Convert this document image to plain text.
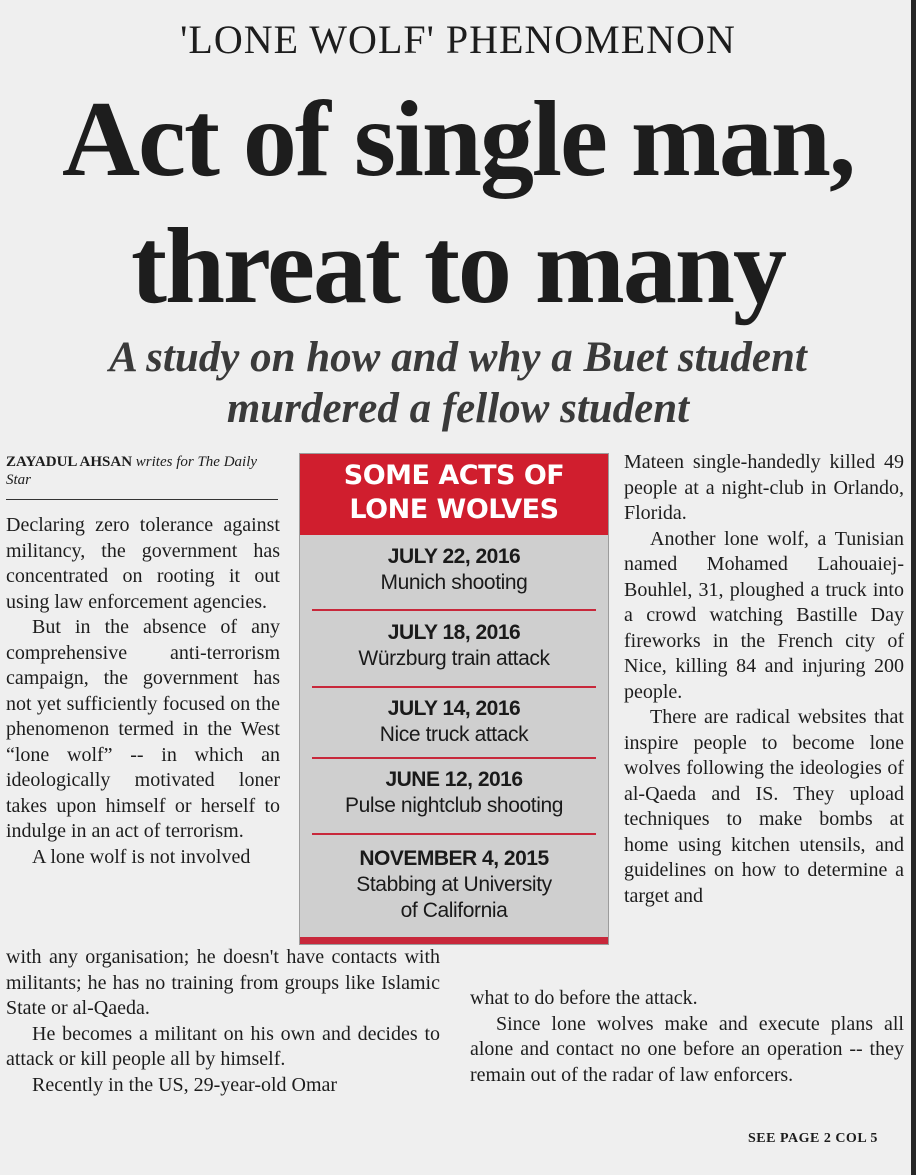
'LONE WOLF' PHENOMENON
Act of single man,
threat to many
A study on how and why a Buet student
murdered a fellow student
ZAYADUL AHSAN writes for The Daily Star

Declaring zero tolerance against militancy, the government has concentrated on rooting it out using law enforcement agencies.

But in the absence of any comprehensive anti-terrorism campaign, the government has not yet sufficiently focused on the phenomenon termed in the West “lone wolf” -- in which an ideologically motivated loner takes upon himself or herself to indulge in an act of terrorism.

A lone wolf is not involved

with any organisation; he doesn't have contacts with militants; he has no training from groups like Islamic State or al-Qaeda.

He becomes a militant on his own and decides to attack or kill people all by himself.

Recently in the US, 29-year-old Omar

SOME ACTS OF
LONE WOLVES
JULY 22, 2016
Munich shooting
JULY 18, 2016
Würzburg train attack
JULY 14, 2016
Nice truck attack
JUNE 12, 2016
Pulse nightclub shooting
NOVEMBER 4, 2015
Stabbing at University
of California

Mateen single-handedly killed 49 people at a night-club in Orlando, Florida.

Another lone wolf, a Tunisian named Mohamed Lahouaiej-Bouhlel, 31, ploughed a truck into a crowd watching Bastille Day fireworks in the French city of Nice, killing 84 and injuring 200 people.

There are radical websites that inspire people to become lone wolves following the ideologies of al-Qaeda and IS. They upload techniques to make bombs at home using kitchen utensils, and guidelines on how to determine a target and

what to do before the attack.

Since lone wolves make and execute plans all alone and contact no one before an operation -- they remain out of the radar of law enforcers.

SEE PAGE 2 COL 5
